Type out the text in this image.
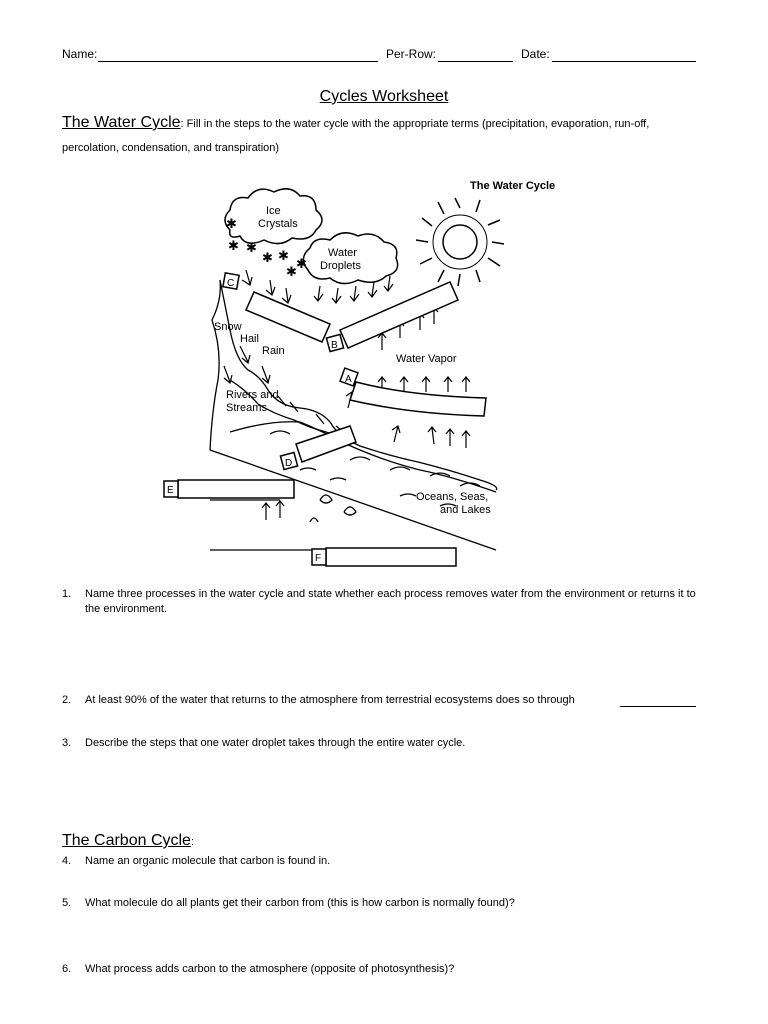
Name:	Per-Row:	Date:
Cycles Worksheet
The Water Cycle: Fill in the steps to the water cycle with the appropriate terms (precipitation, evaporation, run-off,
percolation, condensation, and transpiration)
The Water Cycle
Ice
Crystals
Water
Droplets
✱
✱ ✱
✱ ✱
✱
✱
Snow
Hail
Rain
Water Vapor
Rivers and
Streams
Oceans, Seas,
and Lakes
C
B
A
D
E
F
1. Name three processes in the water cycle and state whether each process removes water from the environment or returns it to the environment.
2. At least 90% of the water that returns to the atmosphere from terrestrial ecosystems does so through
3. Describe the steps that one water droplet takes through the entire water cycle.
The Carbon Cycle:
4. Name an organic molecule that carbon is found in.
5. What molecule do all plants get their carbon from (this is how carbon is normally found)?
6. What process adds carbon to the atmosphere (opposite of photosynthesis)?
